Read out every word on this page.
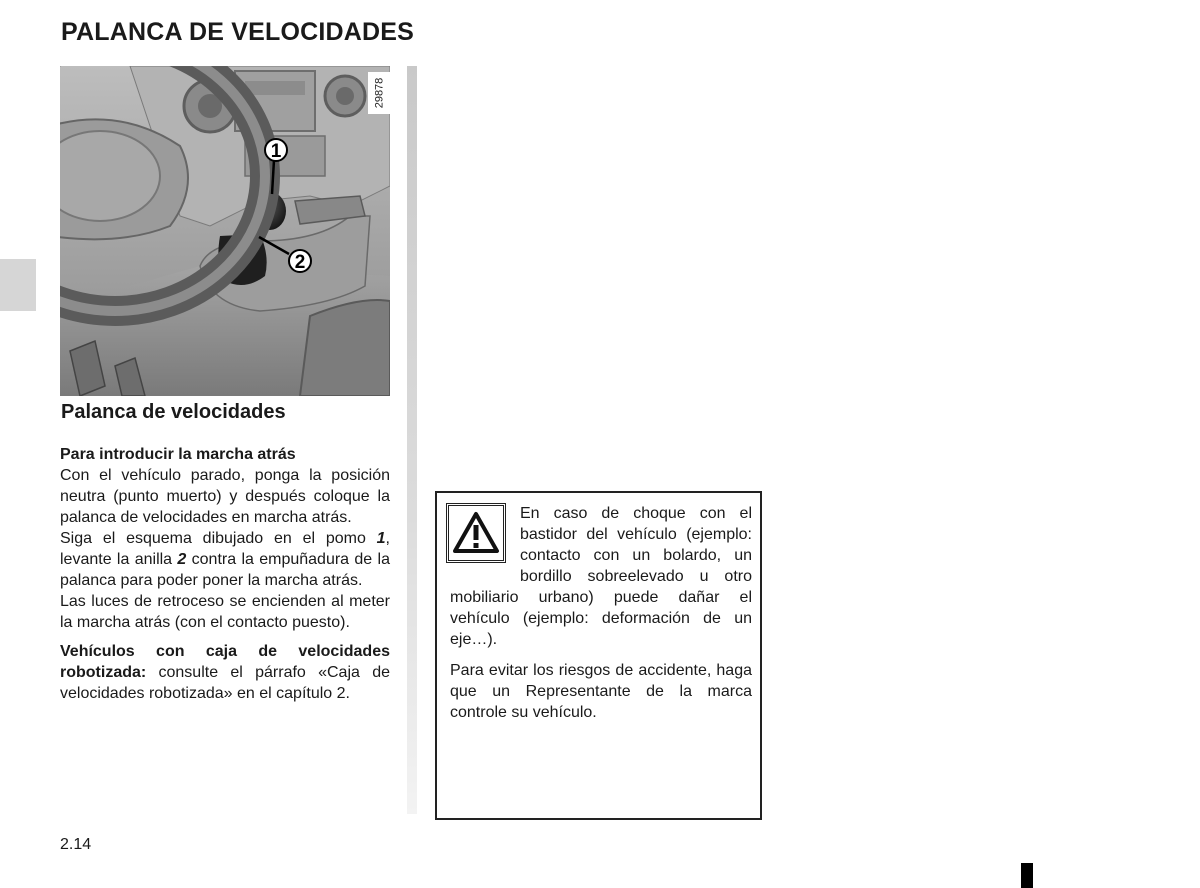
PALANCA DE VELOCIDADES
1
2
29878
Palanca de velocidades

Para introducir la marcha atrás

Con el vehículo parado, ponga la posición neutra (punto muerto) y después coloque la palanca de velocidades en marcha atrás.

Siga el esquema dibujado en el pomo 1, levante la anilla 2 contra la empuñadura de la palanca para poder poner la marcha atrás.

Las luces de retroceso se encienden al meter la marcha atrás (con el contacto puesto).

Vehículos con caja de velocidades robotizada: consulte el párrafo «Caja de velocidades robotizada» en el capítulo 2.

En caso de choque con el bastidor del vehículo (ejemplo: contacto con un bolardo, un bordillo sobreelevado u otro mobiliario urbano) puede dañar el vehículo (ejemplo: deformación de un eje…).

Para evitar los riesgos de accidente, haga que un Representante de la marca controle su vehículo.

2.14
